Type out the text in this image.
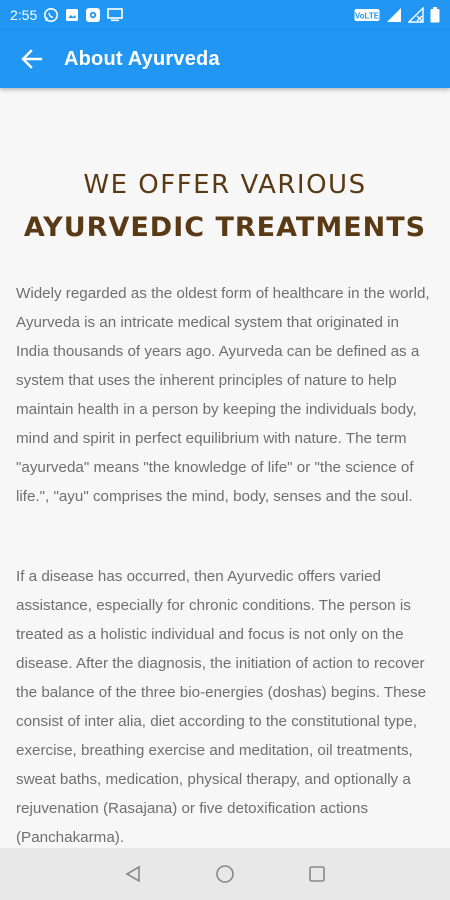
2:55	VoLTE
About Ayurveda
WE OFFER VARIOUS
AYURVEDIC TREATMENTS

Widely regarded as the oldest form of healthcare in the world, Ayurveda is an intricate medical system that originated in India thousands of years ago. Ayurveda can be defined as a system that uses the inherent principles of nature to help maintain health in a person by keeping the individuals body, mind and spirit in perfect equilibrium with nature. The term "ayurveda" means "the knowledge of life" or "the science of life.", "ayu" comprises the mind, body, senses and the soul.

If a disease has occurred, then Ayurvedic offers varied assistance, especially for chronic conditions. The person is treated as a holistic individual and focus is not only on the disease. After the diagnosis, the initiation of action to recover the balance of the three bio-energies (doshas) begins. These consist of inter alia, diet according to the constitutional type, exercise, breathing exercise and meditation, oil treatments, sweat baths, medication, physical therapy, and optionally a rejuvenation (Rasajana) or five detoxification actions (Panchakarma).
